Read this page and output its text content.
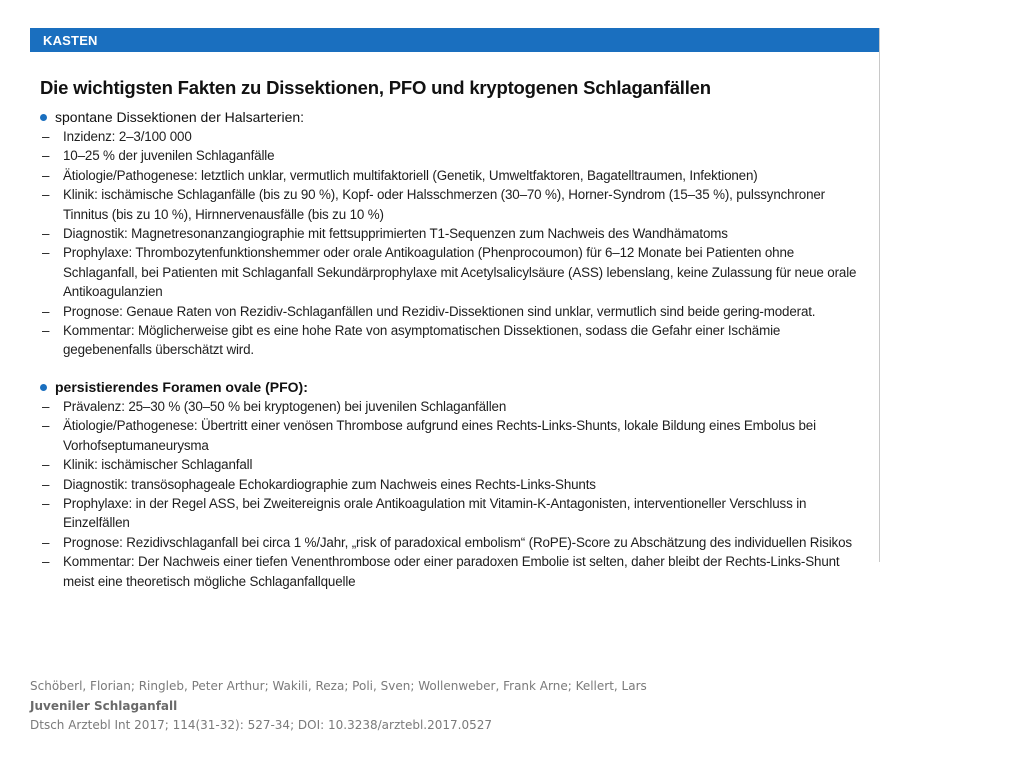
KASTEN
Die wichtigsten Fakten zu Dissektionen, PFO und kryptogenen Schlaganfällen
spontane Dissektionen der Halsarterien:
–	Inzidenz: 2–3/100 000
–	10–25 % der juvenilen Schlaganfälle
–	Ätiologie/Pathogenese: letztlich unklar, vermutlich multifaktoriell (Genetik, Umweltfaktoren, Bagatelltraumen, Infektionen)
–	Klinik: ischämische Schlaganfälle (bis zu 90 %), Kopf- oder Halsschmerzen (30–70 %), Horner-Syndrom (15–35 %), pulssynchroner Tinnitus (bis zu 10 %), Hirnnervenausfälle (bis zu 10 %)
–	Diagnostik: Magnetresonanzangiographie mit fettsupprimierten T1-Sequenzen zum Nachweis des Wandhämatoms
–	Prophylaxe: Thrombozytenfunktionshemmer oder orale Antikoagulation (Phenprocoumon) für 6–12 Monate bei Patienten ohne Schlaganfall, bei Patienten mit Schlaganfall Sekundärprophylaxe mit Acetylsalicylsäure (ASS) lebenslang, keine Zulassung für neue orale Antikoagulanzien
–	Prognose: Genaue Raten von Rezidiv-Schlaganfällen und Rezidiv-Dissektionen sind unklar, vermutlich sind beide gering-moderat.
–	Kommentar: Möglicherweise gibt es eine hohe Rate von asymptomatischen Dissektionen, sodass die Gefahr einer Ischämie gegebenenfalls überschätzt wird.
persistierendes Foramen ovale (PFO):
–	Prävalenz: 25–30 % (30–50 % bei kryptogenen) bei juvenilen Schlaganfällen
–	Ätiologie/Pathogenese: Übertritt einer venösen Thrombose aufgrund eines Rechts-Links-Shunts, lokale Bildung eines Embolus bei Vorhofseptumaneurysma
–	Klinik: ischämischer Schlaganfall
–	Diagnostik: transösophageale Echokardiographie zum Nachweis eines Rechts-Links-Shunts
–	Prophylaxe: in der Regel ASS, bei Zweitereignis orale Antikoagulation mit Vitamin-K-Antagonisten, interventioneller Verschluss in Einzelfällen
–	Prognose: Rezidivschlaganfall bei circa 1 %/Jahr, „risk of paradoxical embolism“ (RoPE)-Score zu Abschätzung des individuellen Risikos
–	Kommentar: Der Nachweis einer tiefen Venenthrombose oder einer paradoxen Embolie ist selten, daher bleibt der Rechts-Links-Shunt meist eine theoretisch mögliche Schlaganfallquelle
Schöberl, Florian; Ringleb, Peter Arthur; Wakili, Reza; Poli, Sven; Wollenweber, Frank Arne; Kellert, Lars
Juveniler Schlaganfall
Dtsch Arztebl Int 2017; 114(31-32): 527-34; DOI: 10.3238/arztebl.2017.0527
